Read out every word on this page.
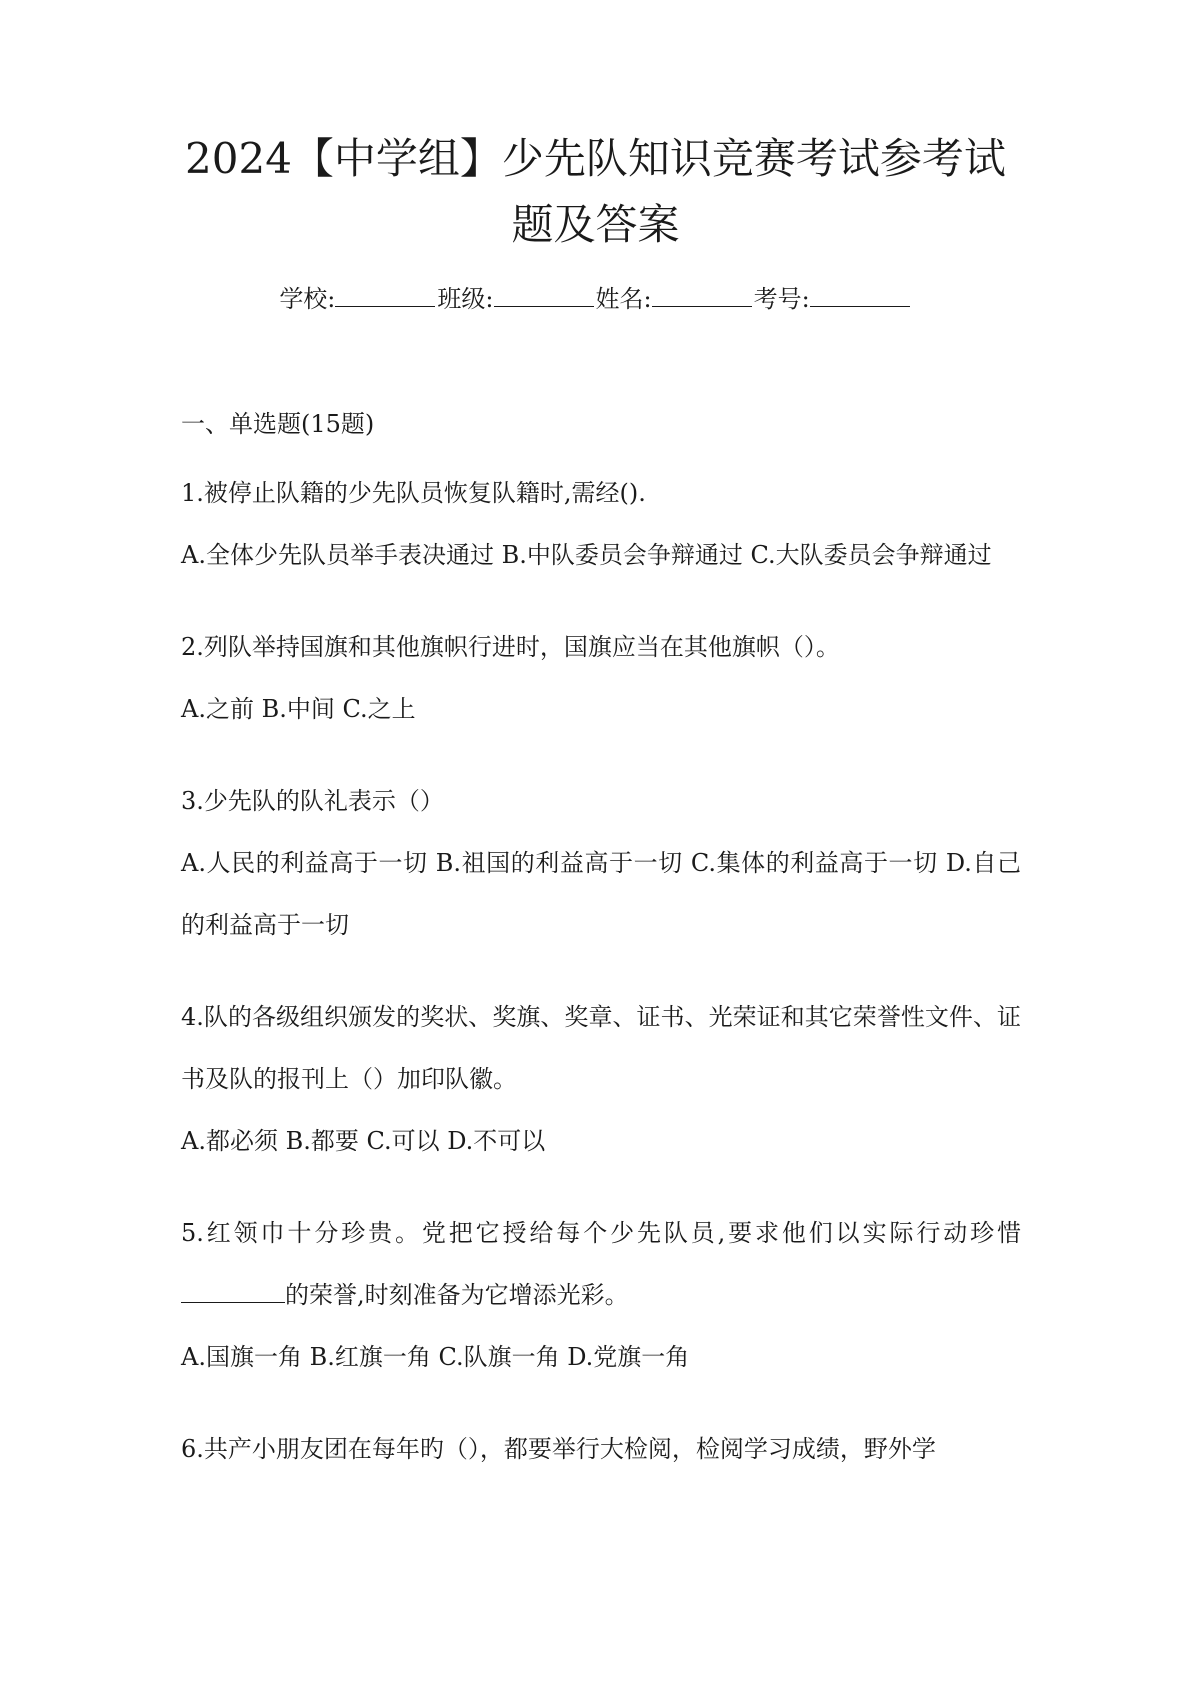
2024【中学组】少先队知识竞赛考试参考试
题及答案
学校:	班级:	姓名:	考号:
一、单选题(15题)

1.被停止队籍的少先队员恢复队籍时,需经().

A.全体少先队员举手表决通过 B.中队委员会争辩通过 C.大队委员会争辩通过

2.列队举持国旗和其他旗帜行进时，国旗应当在其他旗帜（）。

A.之前 B.中间 C.之上

3.少先队的队礼表示（）

A.人民的利益高于一切 B.祖国的利益高于一切 C.集体的利益高于一切 D.自己的利益高于一切

4.队的各级组织颁发的奖状、奖旗、奖章、证书、光荣证和其它荣誉性文件、证书及队的报刊上（）加印队徽。

A.都必须 B.都要 C.可以 D.不可以

5.红领巾十分珍贵。党把它授给每个少先队员,要求他们以实际行动珍惜的荣誉,时刻准备为它增添光彩。

A.国旗一角 B.红旗一角 C.队旗一角 D.党旗一角

6.共产小朋友团在每年旳（），都要举行大检阅，检阅学习成绩，野外学
